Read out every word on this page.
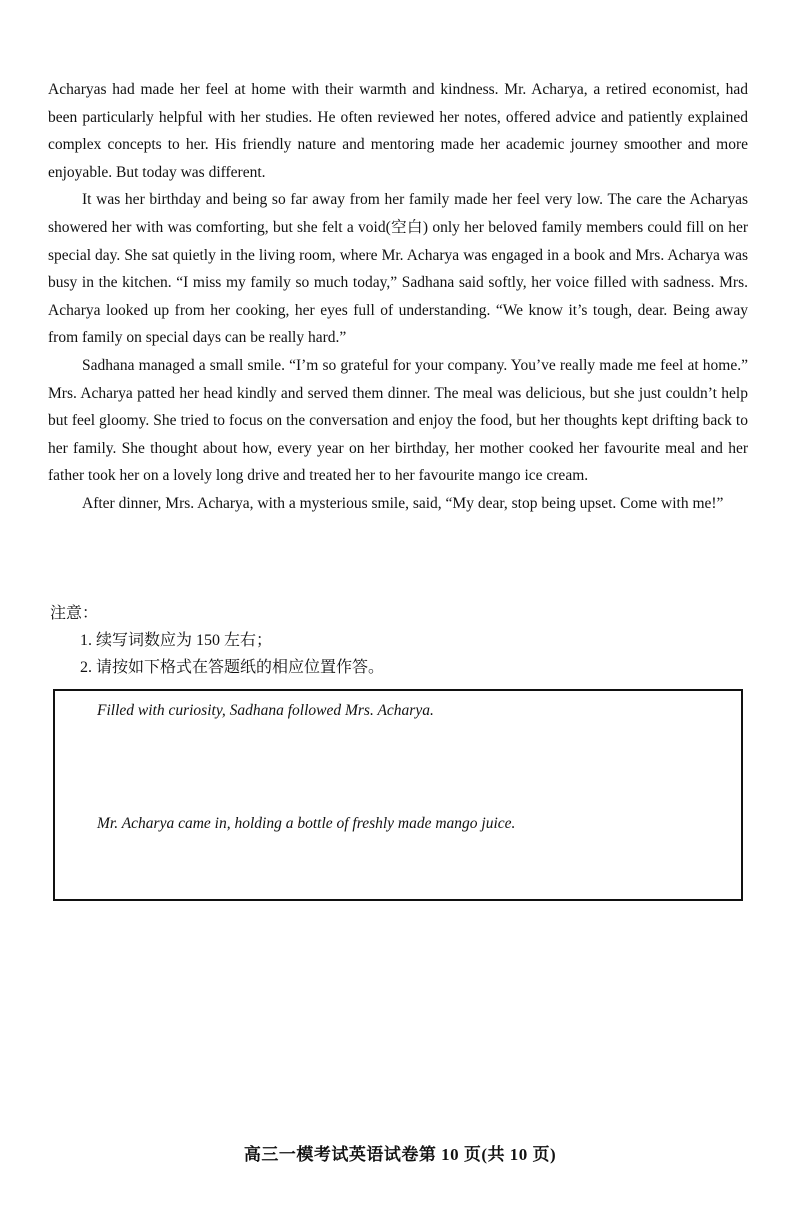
Acharyas had made her feel at home with their warmth and kindness. Mr. Acharya, a retired economist, had been particularly helpful with her studies. He often reviewed her notes, offered advice and patiently explained complex concepts to her. His friendly nature and mentoring made her academic journey smoother and more enjoyable. But today was different.

It was her birthday and being so far away from her family made her feel very low. The care the Acharyas showered her with was comforting, but she felt a void(空白) only her beloved family members could fill on her special day. She sat quietly in the living room, where Mr. Acharya was engaged in a book and Mrs. Acharya was busy in the kitchen. “I miss my family so much today,” Sadhana said softly, her voice filled with sadness. Mrs. Acharya looked up from her cooking, her eyes full of understanding. “We know it’s tough, dear. Being away from family on special days can be really hard.”

Sadhana managed a small smile. “I’m so grateful for your company. You’ve really made me feel at home.” Mrs. Acharya patted her head kindly and served them dinner. The meal was delicious, but she just couldn’t help but feel gloomy. She tried to focus on the conversation and enjoy the food, but her thoughts kept drifting back to her family. She thought about how, every year on her birthday, her mother cooked her favourite meal and her father took her on a lovely long drive and treated her to her favourite mango ice cream.

After dinner, Mrs. Acharya, with a mysterious smile, said, “My dear, stop being upset. Come with me!”

注意：
1. 续写词数应为 150 左右；
2. 请按如下格式在答题纸的相应位置作答。
Filled with curiosity, Sadhana followed Mrs. Acharya.
Mr. Acharya came in, holding a bottle of freshly made mango juice.
高三一模考试英语试卷第 10 页(共 10 页)
